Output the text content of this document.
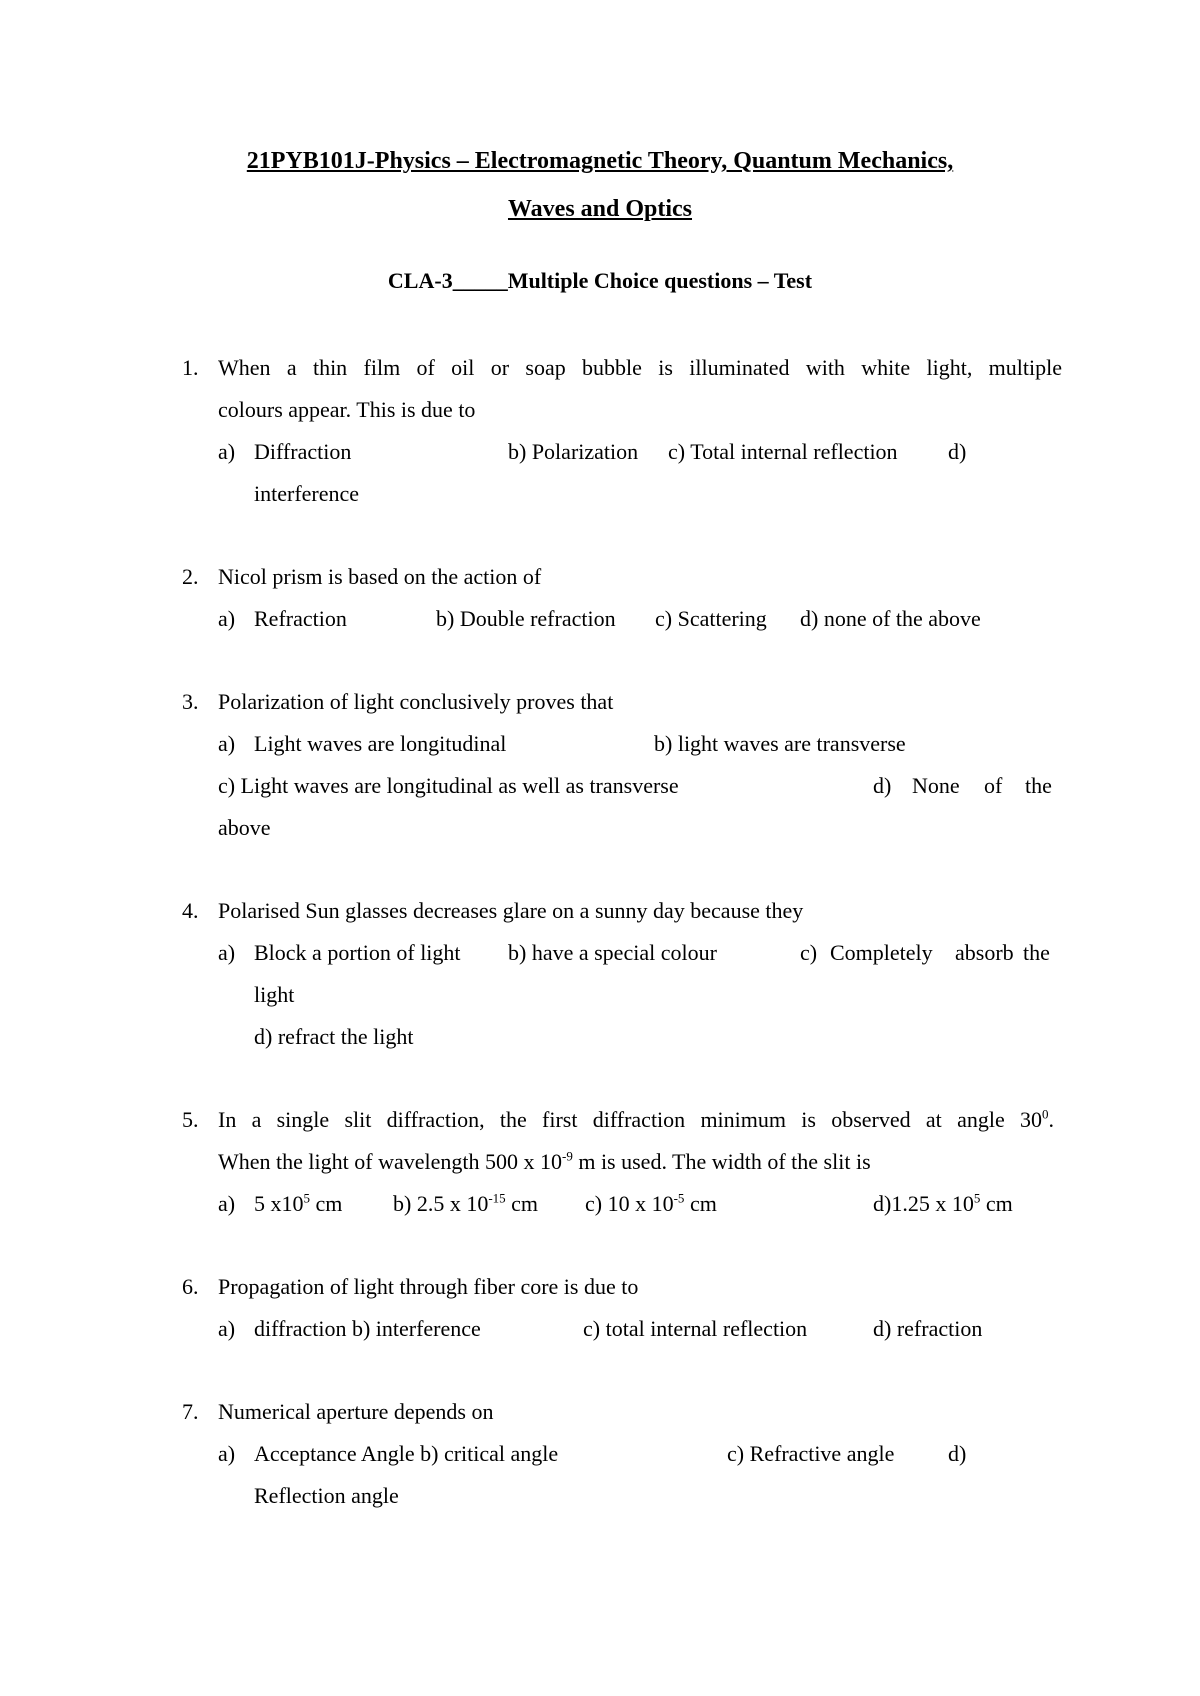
21PYB101J-Physics – Electromagnetic Theory, Quantum Mechanics,
Waves and Optics
CLA-3_____Multiple Choice questions – Test
1. When a thin film of oil or soap bubble is illuminated with white light, multiple
colours appear. This is due to
a) Diffraction	b) Polarization c) Total internal reflection d)
interference
2. Nicol prism is based on the action of
a) Refraction	b) Double refraction c) Scattering d) none of the above
3. Polarization of light conclusively proves that
a) Light waves are longitudinal	b) light waves are transverse
c) Light waves are longitudinal as well as transverse	d) None of the
above
4. Polarised Sun glasses decreases glare on a sunny day because they
a) Block a portion of light b) have a special colour	c) Completely absorb the
light
d) refract the light
5. In a single slit diffraction, the first diffraction minimum is observed at angle $30^0$.
When the light of wavelength 500 x $10^{-9}$ m is used. The width of the slit is
a) 5 $x10^5$ cm b) 2.5 x $10^{-15}$ cm c) 10 x $10^{-5}$ cm	d)1.25 x $10^5$ cm
6. Propagation of light through fiber core is due to
a) diffraction b) interference	c) total internal reflection	d) refraction
7. Numerical aperture depends on
a) Acceptance Angle b) critical angle	c) Refractive angle d)
Reflection angle
